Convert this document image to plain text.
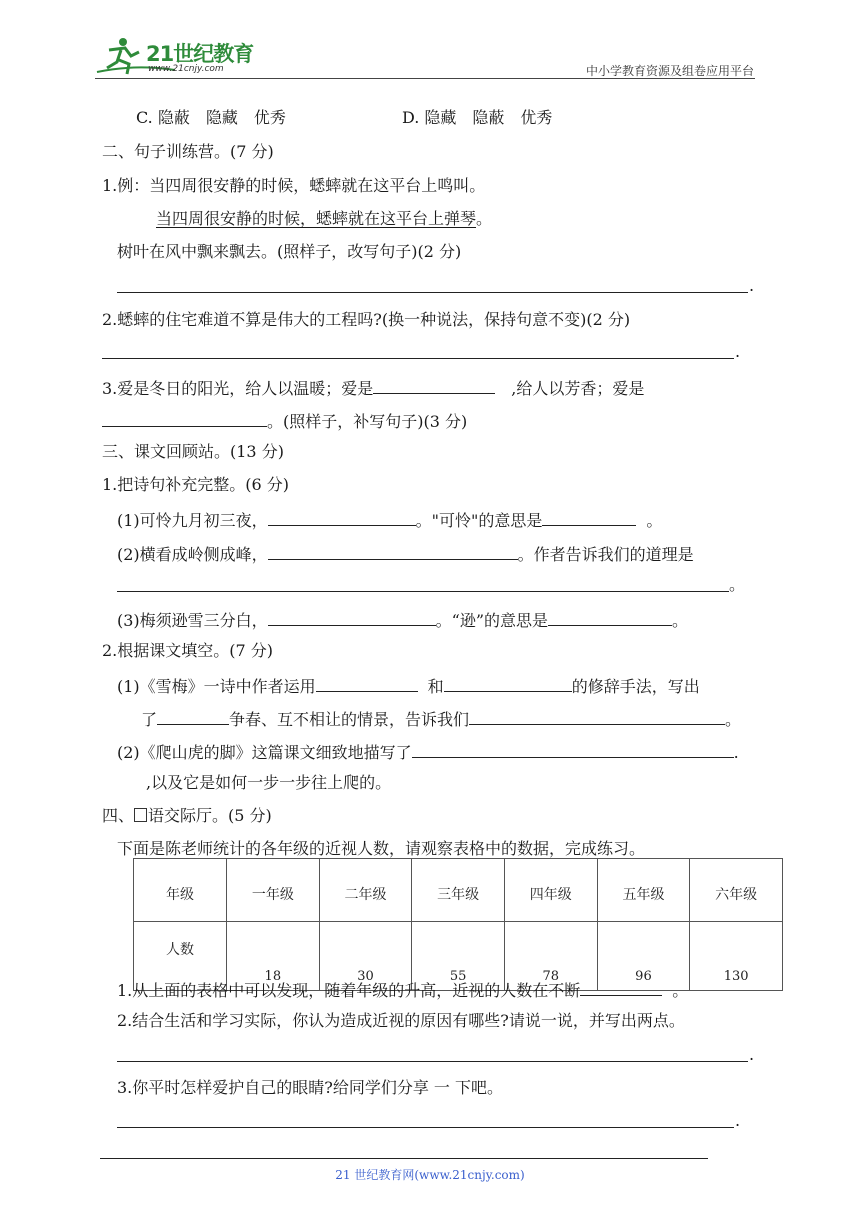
21世纪教育
www.21cnjy.com	中小学教育资源及组卷应用平台
C. 隐蔽　隐藏　优秀	D. 隐藏　隐蔽　优秀
二、句子训练营。(7 分)
1.例：当四周很安静的时候，蟋蟀就在这平台上鸣叫。
当四周很安静的时候，蟋蟀就在这平台上弹琴。
树叶在风中飘来飘去。(照样子，改写句子)(2 分)
.
2.蟋蟀的住宅难道不算是伟大的工程吗?(换一种说法，保持句意不变)(2 分)
.
3.爱是冬日的阳光，给人以温暖；爱是	,给人以芳香；爱是
。(照样子，补写句子)(3 分)
三、课文回顾站。(13 分)
1.把诗句补充完整。(6 分)
(1)可怜九月初三夜，	。"可怜"的意思是	。
(2)横看成岭侧成峰，	。作者告诉我们的道理是
。
(3)梅须逊雪三分白，	。“逊”的意思是	。
2.根据课文填空。(7 分)
(1)《雪梅》一诗中作者运用	和	的修辞手法，写出
了	争春、互不相让的情景，告诉我们	。
(2)《爬山虎的脚》这篇课文细致地描写了	.
,以及它是如何一步一步往上爬的。
四、 语交际厅。(5 分)
下面是陈老师统计的各年级的近视人数，请观察表格中的数据，完成练习。
年级	一年级	二年级	三年级	四年级	五年级	六年级
人数	18	30	55	78	96	130
1.从上面的表格中可以发现，随着年级的升高，近视的人数在不断	。
2.结合生活和学习实际，你认为造成近视的原因有哪些?请说一说，并写出两点。
.
3.你平时怎样爱护自己的眼睛?给同学们分享 一 下吧。
.
21 世纪教育网(www.21cnjy.com)
